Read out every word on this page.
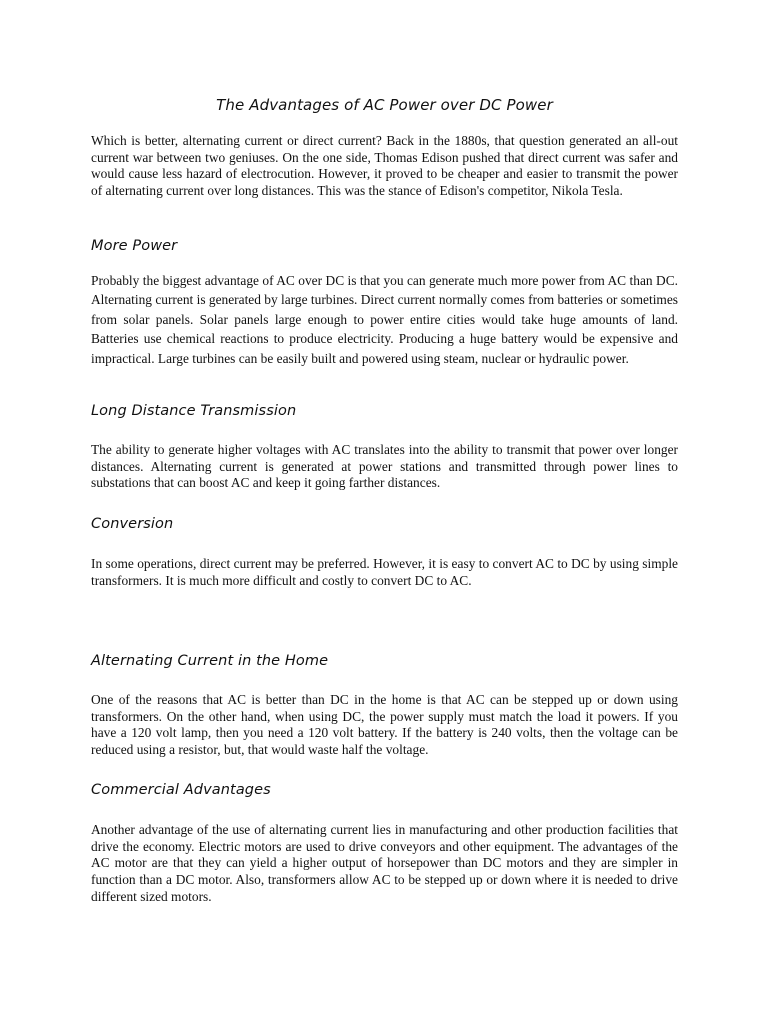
The Advantages of AC Power over DC Power

Which is better, alternating current or direct current? Back in the 1880s, that question generated an all-out current war between two geniuses. On the one side, Thomas Edison pushed that direct current was safer and would cause less hazard of electrocution. However, it proved to be cheaper and easier to transmit the power of alternating current over long distances. This was the stance of Edison's competitor, Nikola Tesla.

More Power

Probably the biggest advantage of AC over DC is that you can generate much more power from AC than DC. Alternating current is generated by large turbines. Direct current normally comes from batteries or sometimes from solar panels. Solar panels large enough to power entire cities would take huge amounts of land. Batteries use chemical reactions to produce electricity. Producing a huge battery would be expensive and impractical. Large turbines can be easily built and powered using steam, nuclear or hydraulic power.

Long Distance Transmission

The ability to generate higher voltages with AC translates into the ability to transmit that power over longer distances. Alternating current is generated at power stations and transmitted through power lines to substations that can boost AC and keep it going farther distances.

Conversion

In some operations, direct current may be preferred. However, it is easy to convert AC to DC by using simple transformers. It is much more difficult and costly to convert DC to AC.

Alternating Current in the Home

One of the reasons that AC is better than DC in the home is that AC can be stepped up or down using transformers. On the other hand, when using DC, the power supply must match the load it powers. If you have a 120 volt lamp, then you need a 120 volt battery. If the battery is 240 volts, then the voltage can be reduced using a resistor, but, that would waste half the voltage.

Commercial Advantages

Another advantage of the use of alternating current lies in manufacturing and other production facilities that drive the economy. Electric motors are used to drive conveyors and other equipment. The advantages of the AC motor are that they can yield a higher output of horsepower than DC motors and they are simpler in function than a DC motor. Also, transformers allow AC to be stepped up or down where it is needed to drive different sized motors.
